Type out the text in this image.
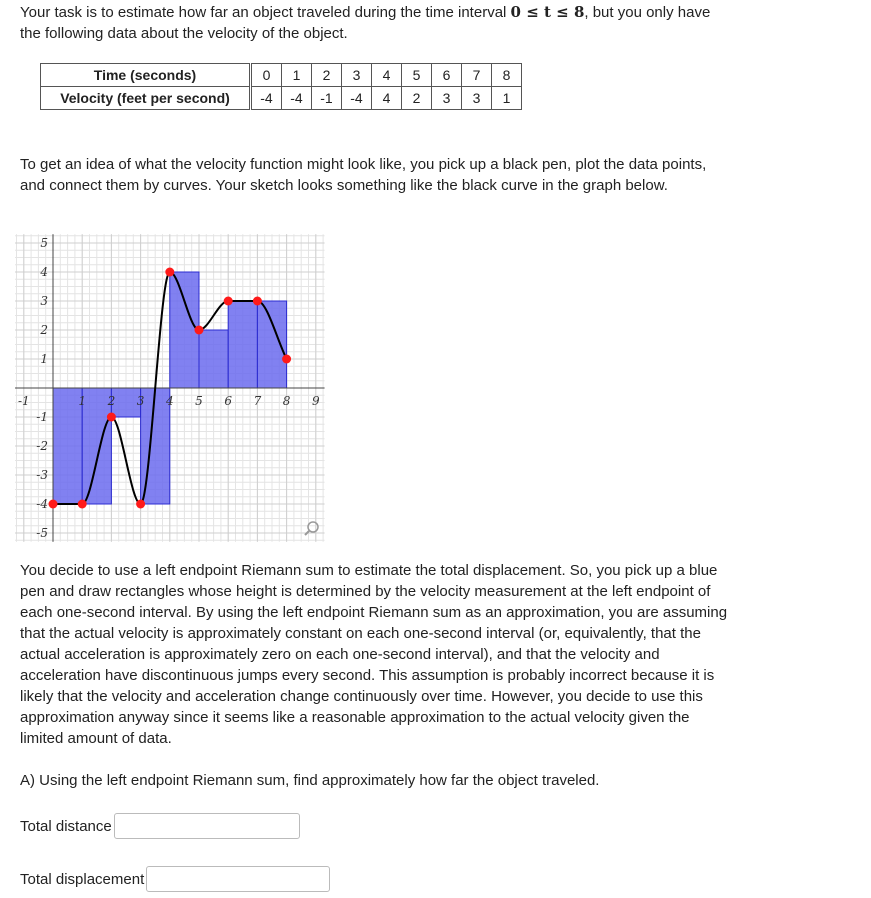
Your task is to estimate how far an object traveled during the time interval 0 ≤ t ≤ 8, but you only have the following data about the velocity of the object.

Time (seconds)	0	1	2	3	4	5	6	7	8
Velocity (feet per second)	-4	-4	-1	-4	4	2	3	3	1

To get an idea of what the velocity function might look like, you pick up a black pen, plot the data points, and connect them by curves. Your sketch looks something like the black curve in the graph below.

-1	1 2 3 4 5 6 7 8 9
5
4
3
2
1
-1
-2
-3
-4
-5

You decide to use a left endpoint Riemann sum to estimate the total displacement. So, you pick up a blue pen and draw rectangles whose height is determined by the velocity measurement at the left endpoint of each one-second interval. By using the left endpoint Riemann sum as an approximation, you are assuming that the actual velocity is approximately constant on each one-second interval (or, equivalently, that the actual acceleration is approximately zero on each one-second interval), and that the velocity and acceleration have discontinuous jumps every second. This assumption is probably incorrect because it is likely that the velocity and acceleration change continuously over time. However, you decide to use this approximation anyway since it seems like a reasonable approximation to the actual velocity given the limited amount of data.

A) Using the left endpoint Riemann sum, find approximately how far the object traveled.

Total distance
Total displacement
